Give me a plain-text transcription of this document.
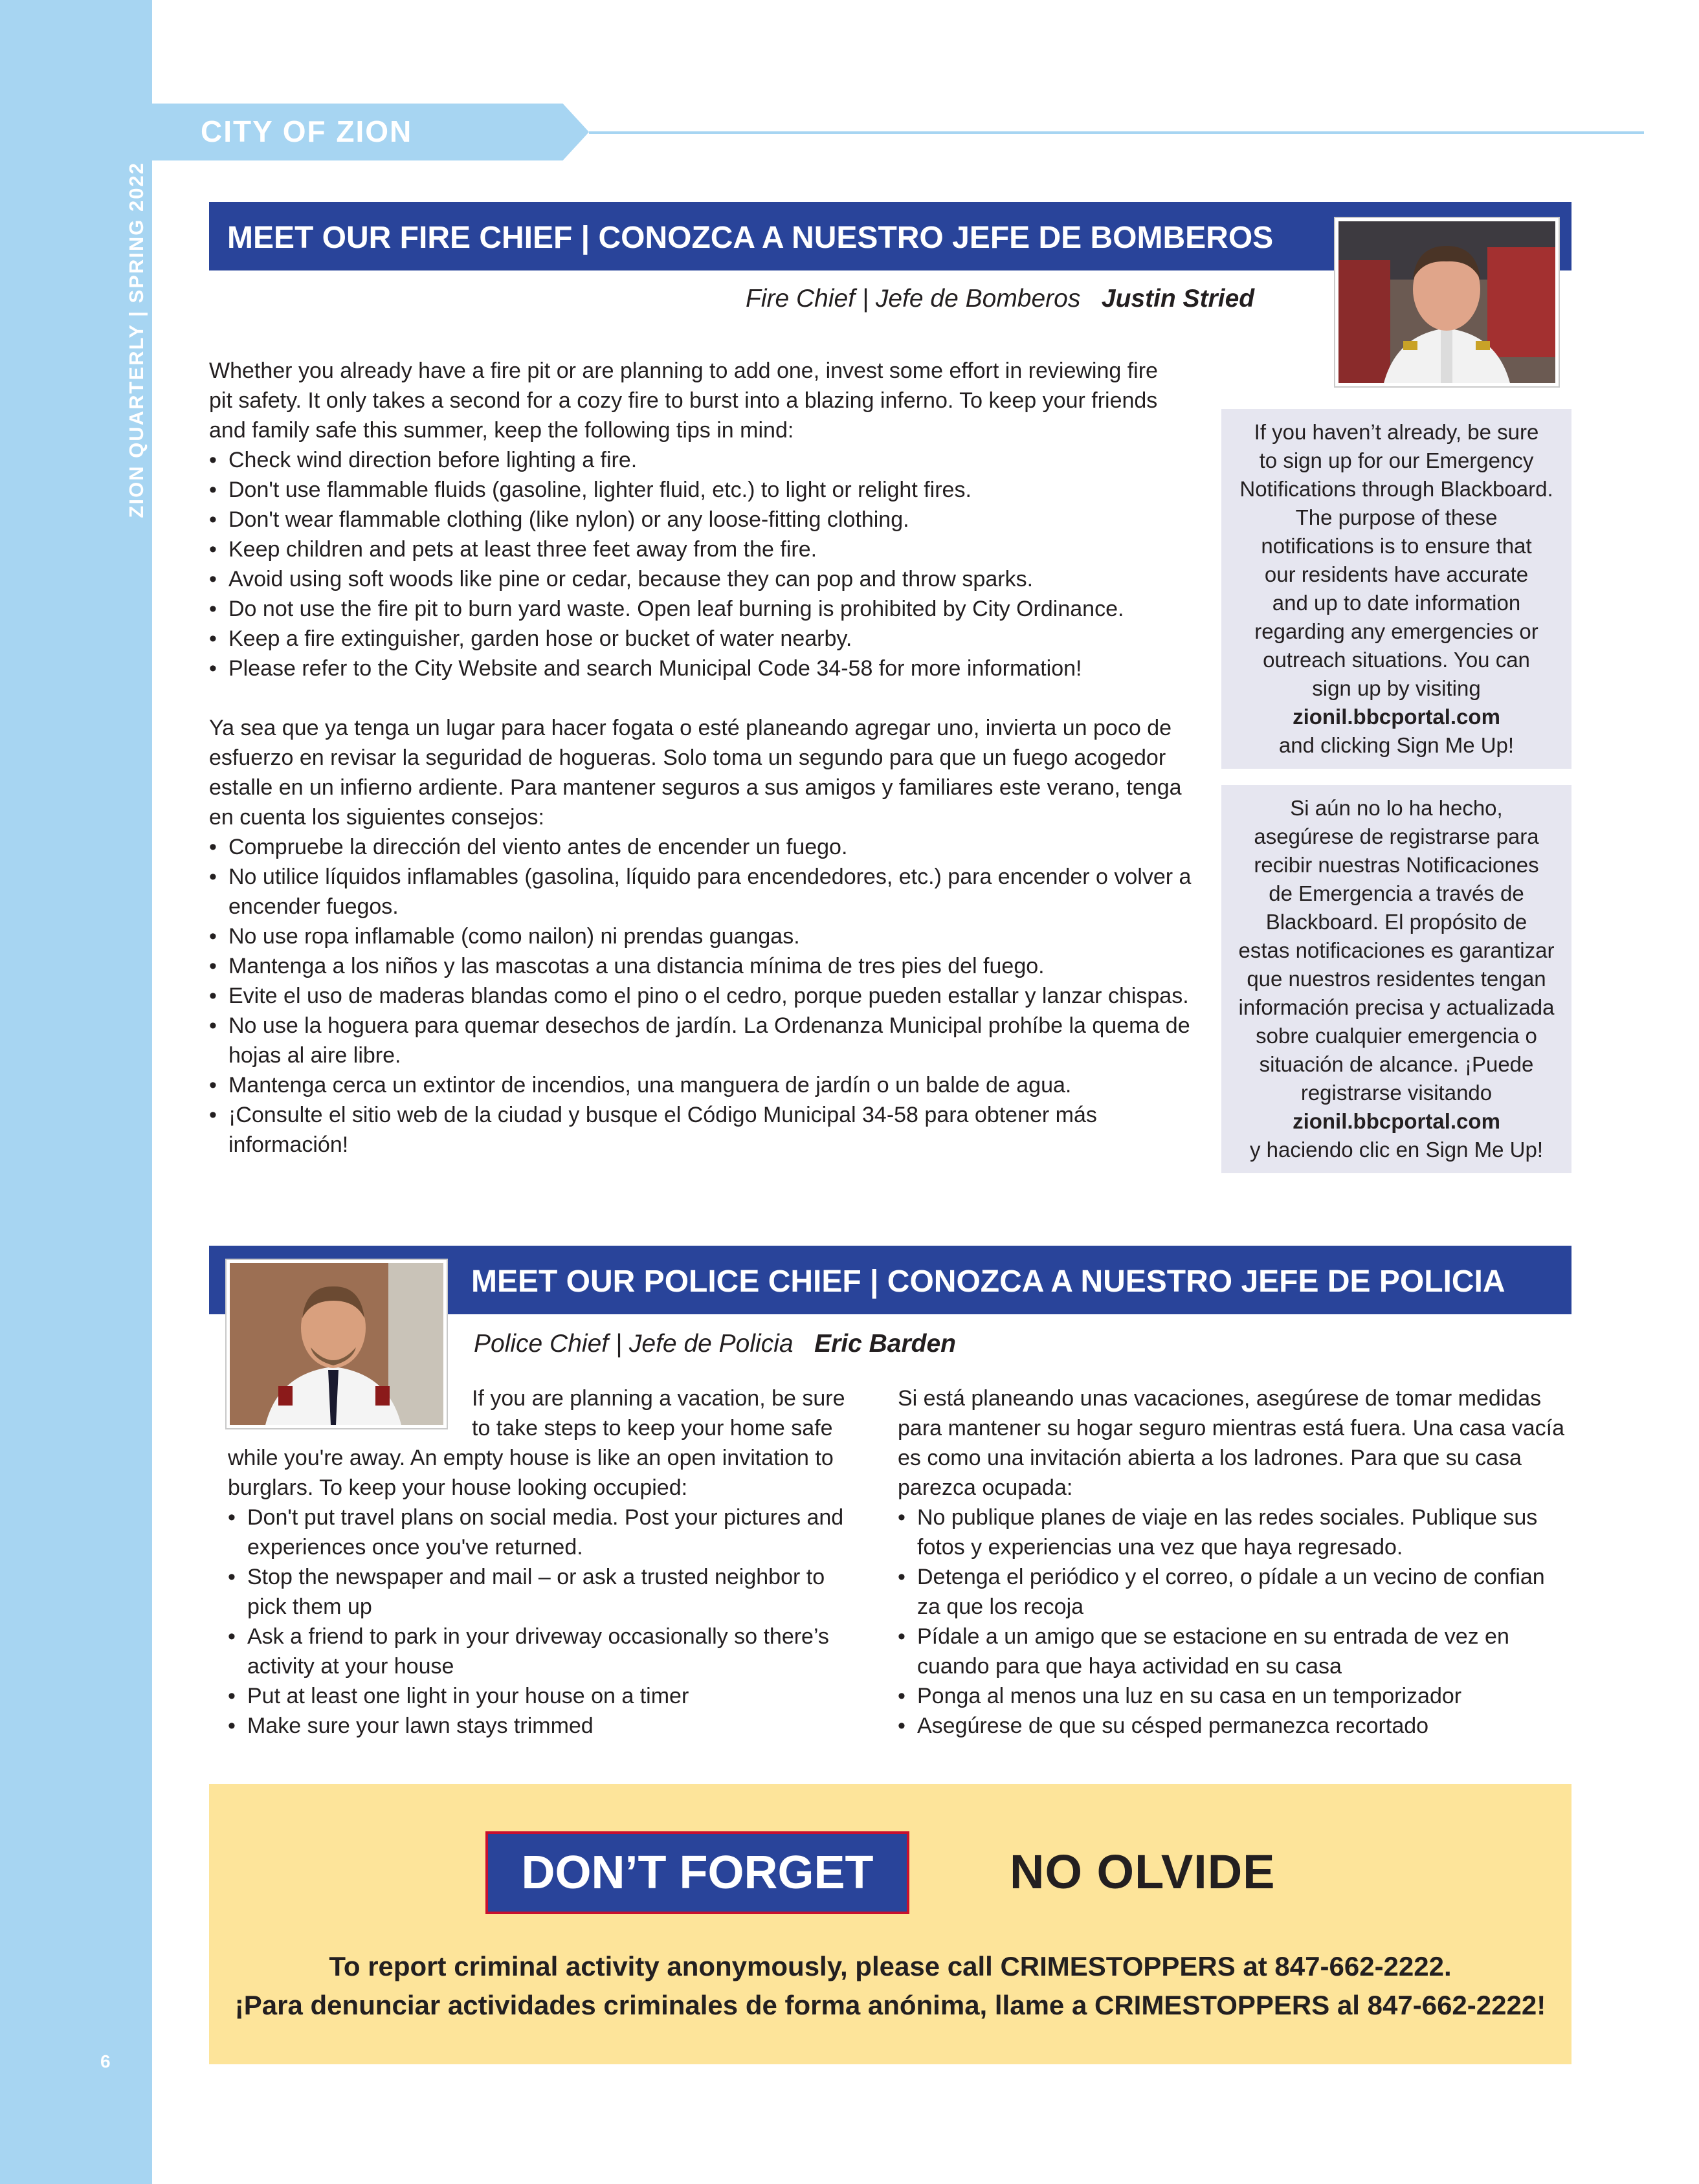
ZION QUARTERLY | SPRING 2022
6
CITY OF ZION
MEET OUR FIRE CHIEF | CONOZCA A NUESTRO JEFE DE BOMBEROS
Fire Chief | Jefe de Bomberos Justin Stried

Whether you already have a fire pit or are planning to add one, invest some effort in reviewing fire pit safety. It only takes a second for a cozy fire to burst into a blazing inferno. To keep your friends and family safe this summer, keep the following tips in mind:

• Check wind direction before lighting a fire.
• Don't use flammable fluids (gasoline, lighter fluid, etc.) to light or relight fires.
• Don't wear flammable clothing (like nylon) or any loose-fitting clothing.
• Keep children and pets at least three feet away from the fire.
• Avoid using soft woods like pine or cedar, because they can pop and throw sparks.
• Do not use the fire pit to burn yard waste. Open leaf burning is prohibited by City Ordinance.
• Keep a fire extinguisher, garden hose or bucket of water nearby.
• Please refer to the City Website and search Municipal Code 34-58 for more information!

Ya sea que ya tenga un lugar para hacer fogata o esté planeando agregar uno, invierta un poco de esfuerzo en revisar la seguridad de hogueras. Solo toma un segundo para que un fuego acogedor estalle en un infierno ardiente. Para mantener seguros a sus amigos y familiares este verano, tenga en cuenta los siguientes consejos:

• Compruebe la dirección del viento antes de encender un fuego.
• No utilice líquidos inflamables (gasolina, líquido para encendedores, etc.) para encender o volver a encender fuegos.
• No use ropa inflamable (como nailon) ni prendas guangas.
• Mantenga a los niños y las mascotas a una distancia mínima de tres pies del fuego.
• Evite el uso de maderas blandas como el pino o el cedro, porque pueden estallar y lanzar chispas.
• No use la hoguera para quemar desechos de jardín. La Ordenanza Municipal prohíbe la quema de hojas al aire libre.
• Mantenga cerca un extintor de incendios, una manguera de jardín o un balde de agua.
• ¡Consulte el sitio web de la ciudad y busque el Código Municipal 34-58 para obtener más información!
If you haven’t already, be sure
to sign up for our Emergency
Notifications through Blackboard.
The purpose of these
notifications is to ensure that
our residents have accurate
and up to date information
regarding any emergencies or
outreach situations. You can
sign up by visiting
zionil.bbcportal.com
and clicking Sign Me Up!
Si aún no lo ha hecho,
asegúrese de registrarse para
recibir nuestras Notificaciones
de Emergencia a través de
Blackboard. El propósito de
estas notificaciones es garantizar
que nuestros residentes tengan
información precisa y actualizada
sobre cualquier emergencia o
situación de alcance. ¡Puede
registrarse visitando
zionil.bbcportal.com
y haciendo clic en Sign Me Up!
MEET OUR POLICE CHIEF | CONOZCA A NUESTRO JEFE DE POLICIA
Police Chief | Jefe de Policia Eric Barden

If you are planning a vacation, be sure

to take steps to keep your home safe

while you're away. An empty house is like an open invitation to burglars. To keep your house looking occupied:

• Don't put travel plans on social media. Post your pictures and experiences once you've returned.
• Stop the newspaper and mail – or ask a trusted neighbor to pick them up
• Ask a friend to park in your driveway occasionally so there’s activity at your house
• Put at least one light in your house on a timer
• Make sure your lawn stays trimmed

Si está planeando unas vacaciones, asegúrese de tomar medidas para mantener su hogar seguro mientras está fuera. Una casa vacía es como una invitación abierta a los ladrones. Para que su casa parezca ocupada:

• No publique planes de viaje en las redes sociales. Publique sus fotos y experiencias una vez que haya regresado.
• Detenga el periódico y el correo, o pídale a un vecino de confian za que los recoja
• Pídale a un amigo que se estacione en su entrada de vez en cuando para que haya actividad en su casa
• Ponga al menos una luz en su casa en un temporizador
• Asegúrese de que su césped permanezca recortado
DON’T FORGET	NO OLVIDE
To report criminal activity anonymously, please call CRIMESTOPPERS at 847-662-2222.
¡Para denunciar actividades criminales de forma anónima, llame a CRIMESTOPPERS al 847-662-2222!
